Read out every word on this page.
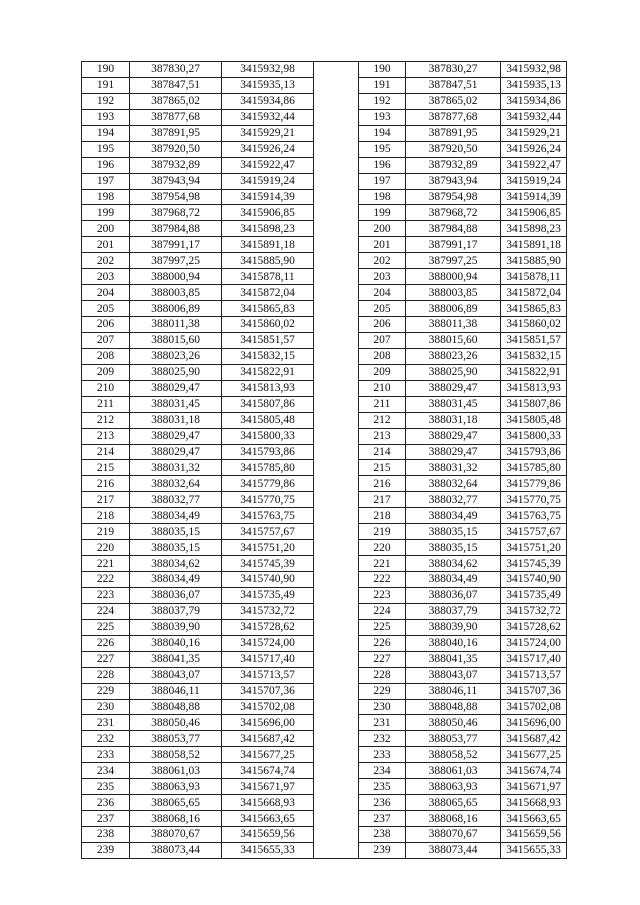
190	387830,27	3415932,98		190	387830,27	3415932,98
191	387847,51	3415935,13		191	387847,51	3415935,13
192	387865,02	3415934,86		192	387865,02	3415934,86
193	387877,68	3415932,44		193	387877,68	3415932,44
194	387891,95	3415929,21		194	387891,95	3415929,21
195	387920,50	3415926,24		195	387920,50	3415926,24
196	387932,89	3415922,47		196	387932,89	3415922,47
197	387943,94	3415919,24		197	387943,94	3415919,24
198	387954,98	3415914,39		198	387954,98	3415914,39
199	387968,72	3415906,85		199	387968,72	3415906,85
200	387984,88	3415898,23		200	387984,88	3415898,23
201	387991,17	3415891,18		201	387991,17	3415891,18
202	387997,25	3415885,90		202	387997,25	3415885,90
203	388000,94	3415878,11		203	388000,94	3415878,11
204	388003,85	3415872,04		204	388003,85	3415872,04
205	388006,89	3415865,83		205	388006,89	3415865,83
206	388011,38	3415860,02		206	388011,38	3415860,02
207	388015,60	3415851,57		207	388015,60	3415851,57
208	388023,26	3415832,15		208	388023,26	3415832,15
209	388025,90	3415822,91		209	388025,90	3415822,91
210	388029,47	3415813,93		210	388029,47	3415813,93
211	388031,45	3415807,86		211	388031,45	3415807,86
212	388031,18	3415805,48		212	388031,18	3415805,48
213	388029,47	3415800,33		213	388029,47	3415800,33
214	388029,47	3415793,86		214	388029,47	3415793,86
215	388031,32	3415785,80		215	388031,32	3415785,80
216	388032,64	3415779,86		216	388032,64	3415779,86
217	388032,77	3415770,75		217	388032,77	3415770,75
218	388034,49	3415763,75		218	388034,49	3415763,75
219	388035,15	3415757,67		219	388035,15	3415757,67
220	388035,15	3415751,20		220	388035,15	3415751,20
221	388034,62	3415745,39		221	388034,62	3415745,39
222	388034,49	3415740,90		222	388034,49	3415740,90
223	388036,07	3415735,49		223	388036,07	3415735,49
224	388037,79	3415732,72		224	388037,79	3415732,72
225	388039,90	3415728,62		225	388039,90	3415728,62
226	388040,16	3415724,00		226	388040,16	3415724,00
227	388041,35	3415717,40		227	388041,35	3415717,40
228	388043,07	3415713,57		228	388043,07	3415713,57
229	388046,11	3415707,36		229	388046,11	3415707,36
230	388048,88	3415702,08		230	388048,88	3415702,08
231	388050,46	3415696,00		231	388050,46	3415696,00
232	388053,77	3415687,42		232	388053,77	3415687,42
233	388058,52	3415677,25		233	388058,52	3415677,25
234	388061,03	3415674,74		234	388061,03	3415674,74
235	388063,93	3415671,97		235	388063,93	3415671,97
236	388065,65	3415668,93		236	388065,65	3415668,93
237	388068,16	3415663,65		237	388068,16	3415663,65
238	388070,67	3415659,56		238	388070,67	3415659,56
239	388073,44	3415655,33		239	388073,44	3415655,33
